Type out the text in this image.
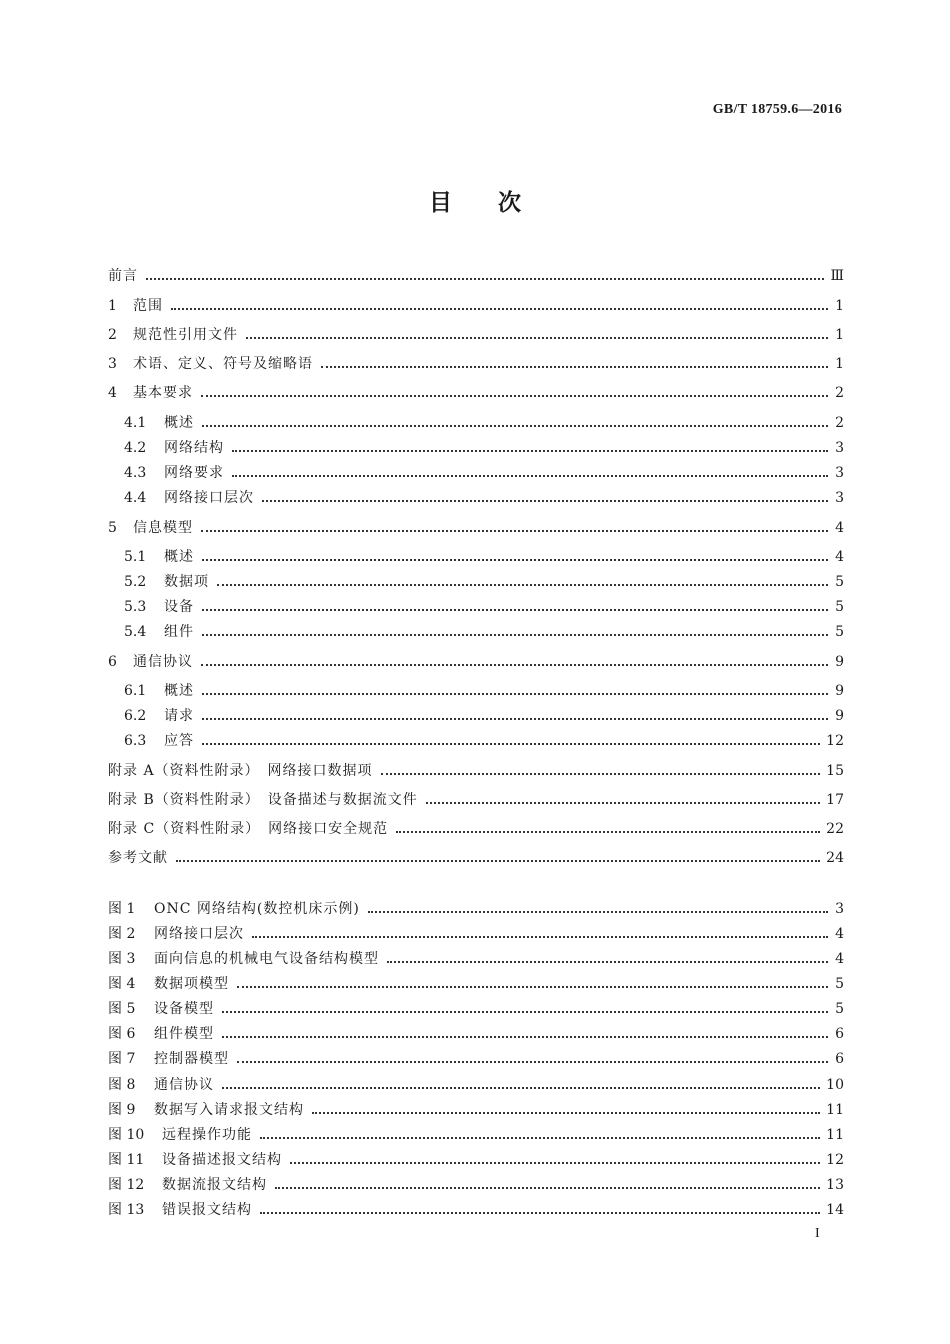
GB/T 18759.6—2016
目次
前言	Ⅲ
1	范围	1
2	规范性引用文件	1
3	术语、定义、符号及缩略语	1
4	基本要求	2
4.1	概述	2
4.2	网络结构	3
4.3	网络要求	3
4.4	网络接口层次	3
5	信息模型	4
5.1	概述	4
5.2	数据项	5
5.3	设备	5
5.4	组件	5
6	通信协议	9
6.1	概述	9
6.2	请求	9
6.3	应答	12
附录 A（资料性附录）　网络接口数据项	15
附录 B（资料性附录）　设备描述与数据流文件	17
附录 C（资料性附录）　网络接口安全规范	22
参考文献	24
图 1	ONC 网络结构(数控机床示例)	3
图 2	网络接口层次	4
图 3	面向信息的机械电气设备结构模型	4
图 4	数据项模型	5
图 5	设备模型	5
图 6	组件模型	6
图 7	控制器模型	6
图 8	通信协议	10
图 9	数据写入请求报文结构	11
图 10	远程操作功能	11
图 11	设备描述报文结构	12
图 12	数据流报文结构	13
图 13	错误报文结构	14
I
